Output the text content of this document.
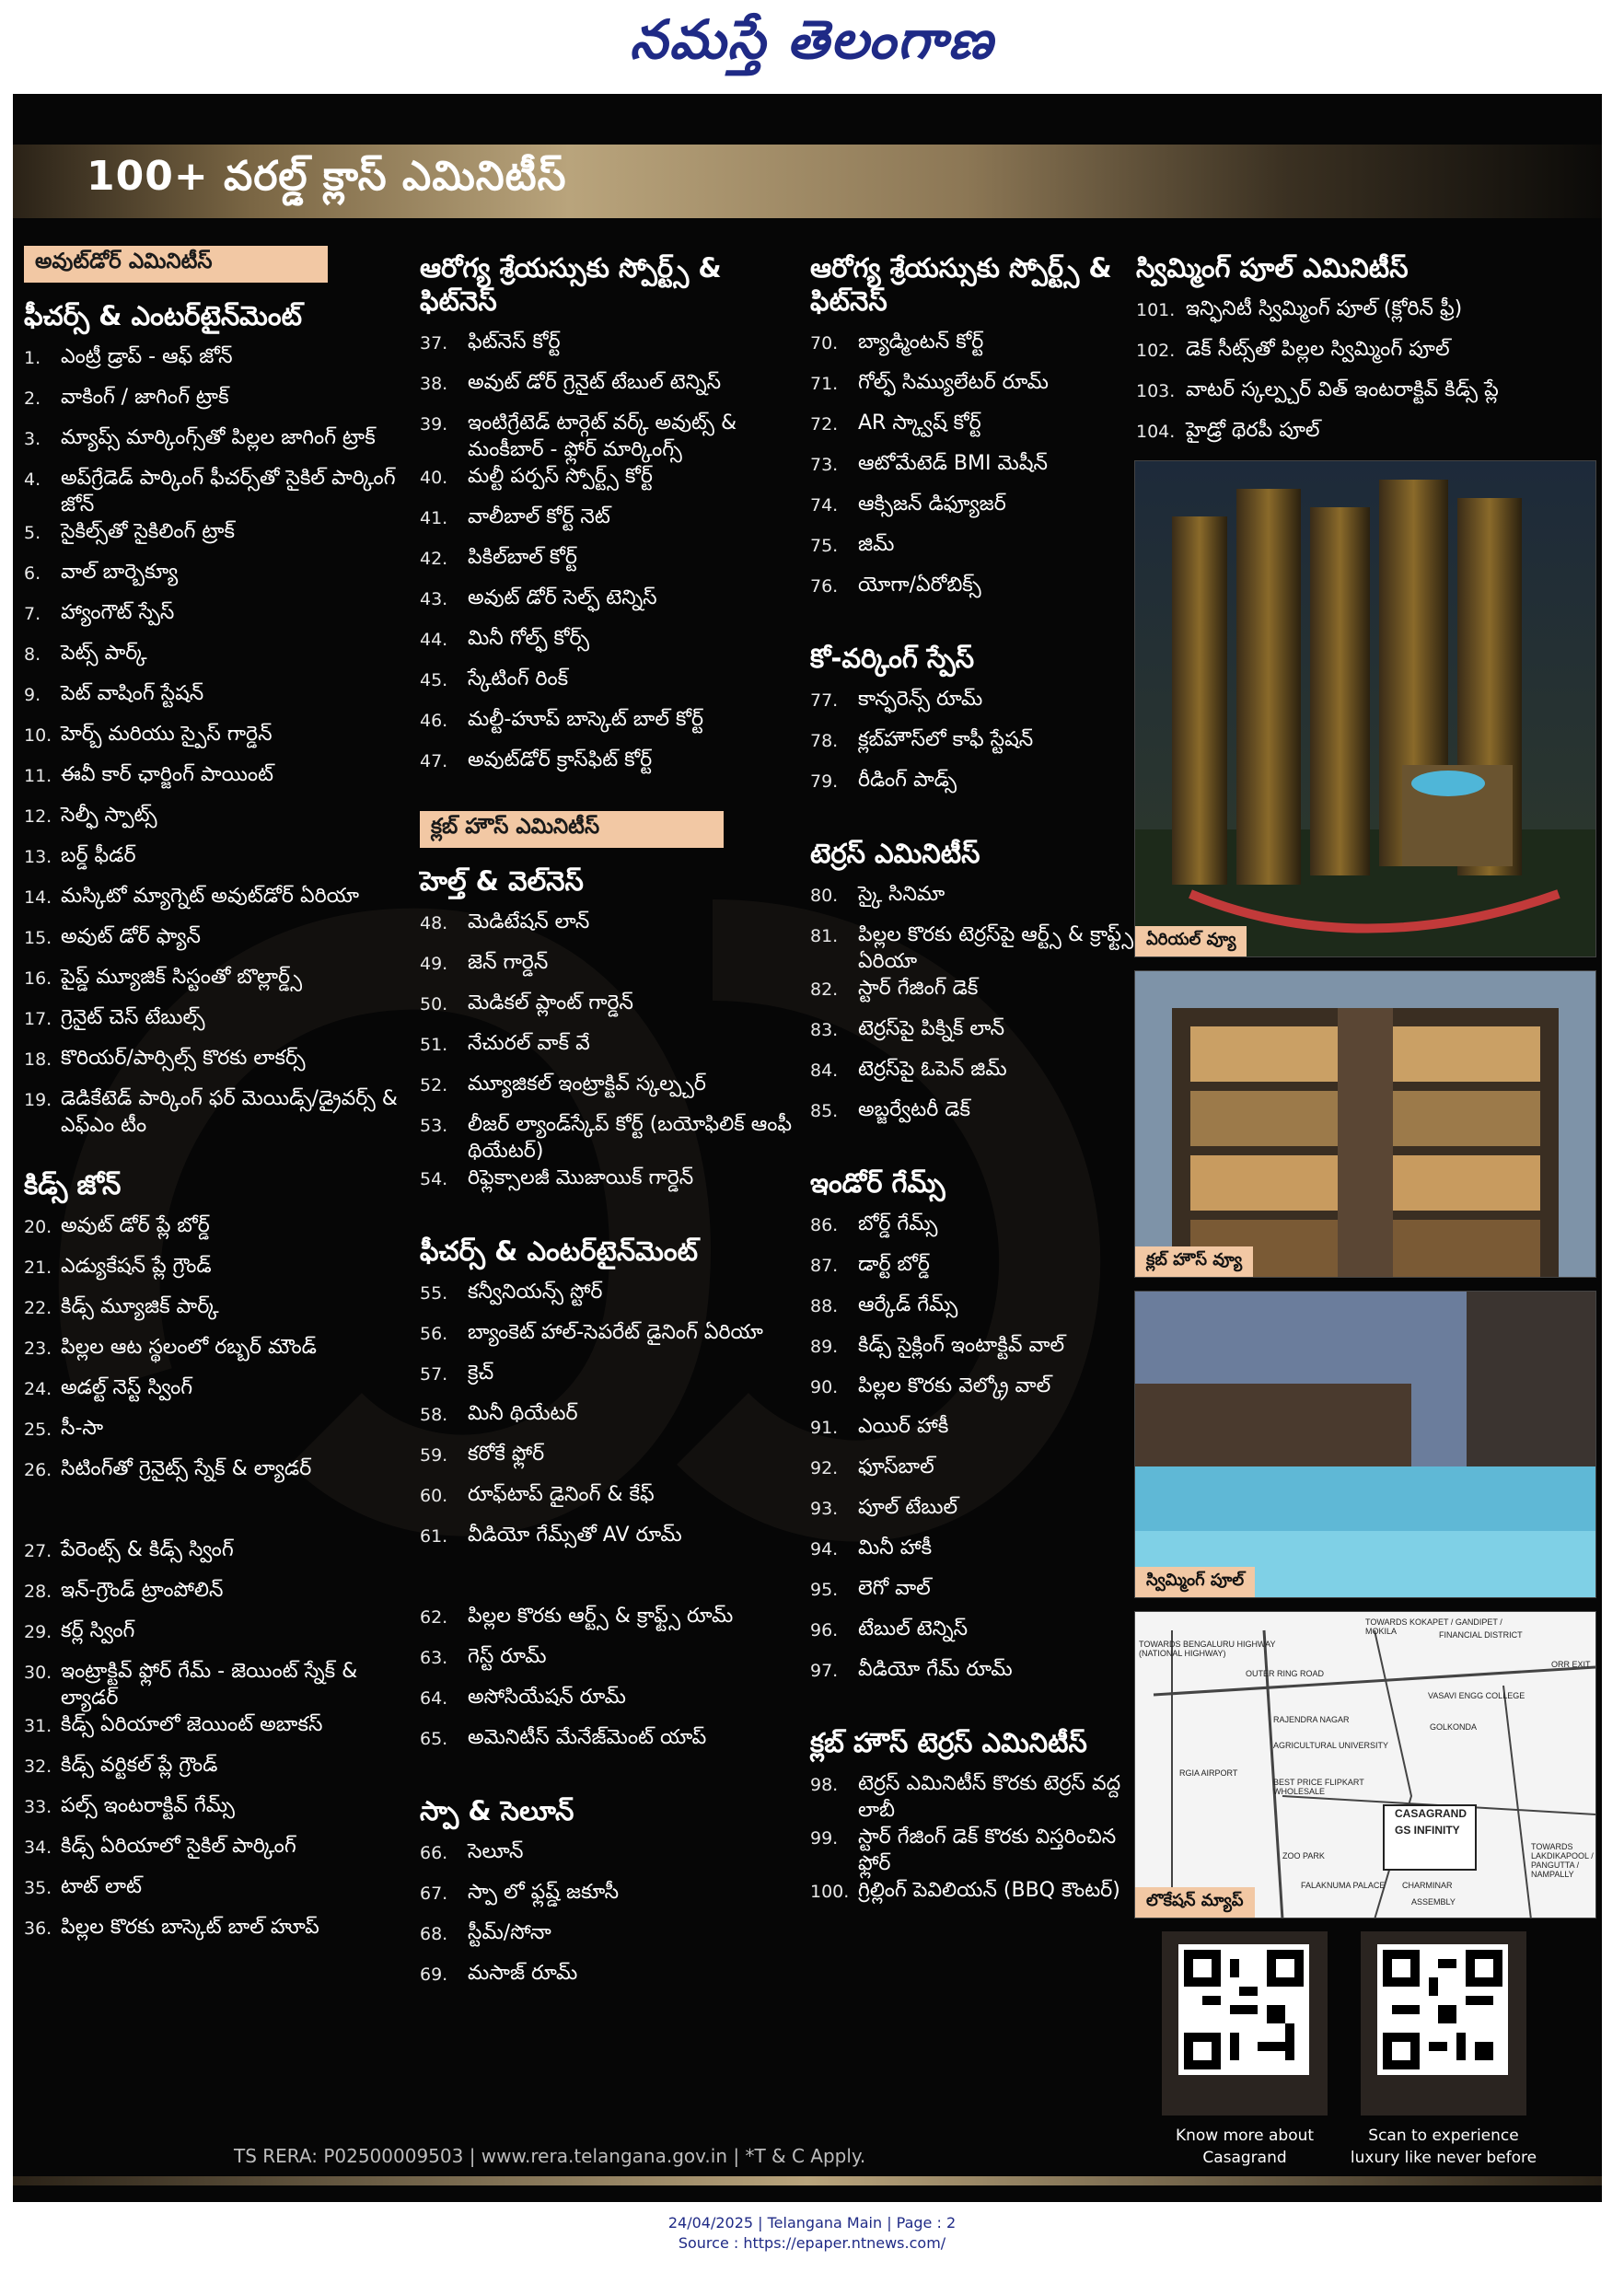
నమస్తే తెలంగాణ
100+ వరల్డ్ క్లాస్ ఎమినిటీస్
అవుట్‌డోర్ ఎమినిటీస్
ఫీచర్స్ & ఎంటర్‌టైన్‌మెంట్
1. ఎంట్రీ డ్రాప్ - ఆఫ్ జోన్
2. వాకింగ్ / జాగింగ్ ట్రాక్
3. మ్యాప్స్ మార్కింగ్స్‌తో పిల్లల జాగింగ్ ట్రాక్
4. అప్‌గ్రేడెడ్ పార్కింగ్ ఫీచర్స్‌తో సైకిల్ పార్కింగ్ జోన్
5. సైకిల్స్‌తో సైకిలింగ్ ట్రాక్
6. వాల్ బార్బెక్యూ
7. హ్యాంగౌట్ స్పేస్
8. పెట్స్ పార్క్
9. పెట్ వాషింగ్ స్టేషన్
10. హెర్బ్ మరియు స్పైస్ గార్డెన్
11. ఈవీ కార్ ఛార్జింగ్ పాయింట్
12. సెల్ఫీ స్పాట్స్
13. బర్డ్ ఫీడర్
14. మస్కిటో మ్యాగ్నెట్ అవుట్‌డోర్ ఏరియా
15. అవుట్ డోర్ ఫ్యాన్
16. పైప్డ్ మ్యూజిక్ సిస్టంతో బొల్లార్డ్స్
17. గ్రెనైట్ చెస్ టేబుల్స్
18. కొరియర్/పార్సిల్స్ కొరకు లాకర్స్
19. డెడికేటెడ్ పార్కింగ్ ఫర్ మెయిడ్స్/డ్రైవర్స్ & ఎఫ్ఎం టీం
కిడ్స్ జోన్
20. అవుట్ డోర్ ప్లే బోర్డ్
21. ఎడ్యుకేషన్ ప్లే గ్రౌండ్
22. కిడ్స్ మ్యూజిక్ పార్క్
23. పిల్లల ఆట స్థలంలో రబ్బర్ మౌండ్
24. అడల్ట్ నెస్ట్ స్వింగ్
25. సీ-సా
26. సిటింగ్‌తో గ్రెనైట్స్ స్నేక్ & ల్యాడర్
27. పేరెంట్స్ & కిడ్స్ స్వింగ్
28. ఇన్-గ్రౌండ్ ట్రాంపోలిన్
29. కర్ల్ స్వింగ్
30. ఇంట్రాక్టివ్ ఫ్లోర్ గేమ్ - జెయింట్ స్నేక్ & ల్యాడర్
31. కిడ్స్ ఏరియాలో జెయింట్ అబాకస్
32. కిడ్స్ వర్టికల్ ప్లే గ్రౌండ్
33. పల్స్ ఇంటరాక్టివ్ గేమ్స్
34. కిడ్స్ ఏరియాలో సైకిల్ పార్కింగ్
35. టాట్ లాట్
36. పిల్లల కొరకు బాస్కెట్ బాల్ హూప్
ఆరోగ్య శ్రేయస్సుకు స్పోర్ట్స్ & ఫిట్‌నెస్
37. ఫిట్‌నెస్ కోర్ట్
38. అవుట్ డోర్ గ్రెనైట్ టేబుల్ టెన్నిస్
39. ఇంటిగ్రేటెడ్ టార్గెట్ వర్క్ అవుట్స్ & మంకీబార్ - ఫ్లోర్ మార్కింగ్స్
40. మల్టీ పర్పస్ స్పోర్ట్స్ కోర్ట్
41. వాలీబాల్ కోర్ట్ నెట్
42. పికిల్‌బాల్ కోర్ట్
43. అవుట్ డోర్ సెల్ఫ్ టెన్నిస్
44. మినీ గోల్ఫ్ కోర్స్
45. స్కేటింగ్ రింక్
46. మల్టీ-హూప్ బాస్కెట్ బాల్ కోర్ట్
47. అవుట్‌డోర్ క్రాస్‌ఫిట్ కోర్ట్
క్లబ్ హౌస్ ఎమినిటీస్
హెల్త్ & వెల్‌నెస్
48. మెడిటేషన్ లాన్
49. జెన్ గార్డెన్
50. మెడికల్ ప్లాంట్ గార్డెన్
51. నేచురల్ వాక్ వే
52. మ్యూజికల్ ఇంట్రాక్టివ్ స్కల్ప్చర్
53. లీజర్ ల్యాండ్‌స్కేప్ కోర్ట్ (బయోఫిలిక్ ఆంఫీ థియేటర్)
54. రిఫ్లెక్సాలజీ మొజాయిక్ గార్డెన్
ఫీచర్స్ & ఎంటర్‌టైన్‌మెంట్
55. కన్వీనియన్స్ స్టోర్
56. బ్యాంకెట్ హాల్-సెపరేట్ డైనింగ్ ఏరియా
57. క్రెచ్
58. మినీ థియేటర్
59. కరోకే ఫ్లోర్
60. రూఫ్‌టాప్ డైనింగ్ & కేఫ్
61. వీడియో గేమ్స్‌తో AV రూమ్
62. పిల్లల కొరకు ఆర్ట్స్ & క్రాఫ్ట్స్ రూమ్
63. గెస్ట్ రూమ్
64. అసోసియేషన్ రూమ్
65. అమెనిటీస్ మేనేజ్‌మెంట్ యాప్
స్పా & సెలూన్
66. సెలూన్
67. స్పా లో ఫ్లష్డ్ జకూసీ
68. స్టీమ్/సోనా
69. మసాజ్ రూమ్
ఆరోగ్య శ్రేయస్సుకు స్పోర్ట్స్ & ఫిట్‌నెస్
70. బ్యాడ్మింటన్ కోర్ట్
71. గోల్ఫ్ సిమ్యులేటర్ రూమ్
72. AR స్క్వాష్ కోర్ట్
73. ఆటోమేటెడ్ BMI మెషీన్
74. ఆక్సిజన్ డిఫ్యూజర్
75. జిమ్
76. యోగా/ఏరోబిక్స్
కో-వర్కింగ్ స్పేస్
77. కాన్ఫరెన్స్ రూమ్
78. క్లబ్‌హౌస్‌లో కాఫీ స్టేషన్
79. రీడింగ్ పాడ్స్
టెర్రస్ ఎమినిటీస్
80. స్కై సినిమా
81. పిల్లల కొరకు టెర్రస్‌పై ఆర్ట్స్ & క్రాఫ్ట్స్ ఏరియా
82. స్టార్ గేజింగ్ డెక్
83. టెర్రస్‌పై పిక్నిక్ లాన్
84. టెర్రస్‌పై ఓపెన్ జిమ్
85. అబ్జర్వేటరీ డెక్
ఇండోర్ గేమ్స్
86. బోర్డ్ గేమ్స్
87. డార్ట్ బోర్డ్
88. ఆర్కేడ్ గేమ్స్
89. కిడ్స్ సైక్లింగ్ ఇంటాక్టివ్ వాల్
90. పిల్లల కొరకు వెల్క్రో వాల్
91. ఎయిర్ హాకీ
92. ఫూస్‌బాల్
93. పూల్ టేబుల్
94. మినీ హాకీ
95. లెగో వాల్
96. టేబుల్ టెన్నిస్
97. వీడియో గేమ్ రూమ్
క్లబ్ హౌస్ టెర్రస్ ఎమినిటీస్
98. టెర్రస్ ఎమినిటీస్ కొరకు టెర్రస్ వద్ద లాబీ
99. స్టార్ గేజింగ్ డెక్ కొరకు విస్తరించిన ఫ్లోర్
100. గ్రిల్లింగ్ పెవిలియన్ (BBQ కౌంటర్)
స్విమ్మింగ్ పూల్ ఎమినిటీస్
101. ఇన్ఫినిటీ స్విమ్మింగ్ పూల్ (క్లోరిన్ ఫ్రీ)
102. డెక్ సీట్స్‌తో పిల్లల స్విమ్మింగ్ పూల్
103. వాటర్ స్కల్ప్చర్ విత్ ఇంటరాక్టివ్ కిడ్స్ ప్లే
104. హైడ్రో థెరపీ పూల్
ఏరియల్ వ్యూ
క్లబ్ హౌస్ వ్యూ
స్విమ్మింగ్ పూల్
TOWARDS KOKAPET / GANDIPET / MOKILA	FINANCIAL DISTRICT
TOWARDS BENGALURU HIGHWAY (NATIONAL HIGHWAY)
OUTER RING ROAD
ORR EXIT
VASAVI ENGG COLLEGE
RAJENDRA NAGAR
AGRICULTURAL UNIVERSITY
GOLKONDA
RGIA AIRPORT
BEST PRICE FLIPKART WHOLESALE
CASAGRAND
GS INFINITY
ZOO PARK
FALAKNUMA PALACE CHARMINAR
ASSEMBLY
TOWARDS LAKDIKAPOOL / PANGUTTA / NAMPALLY
లొకేషన్ మ్యాప్
Know more about Casagrand
Scan to experience luxury like never before
TS RERA: P02500009503 | www.rera.telangana.gov.in | *T & C Apply.
24/04/2025 | Telangana Main | Page : 2
Source : https://epaper.ntnews.com/
